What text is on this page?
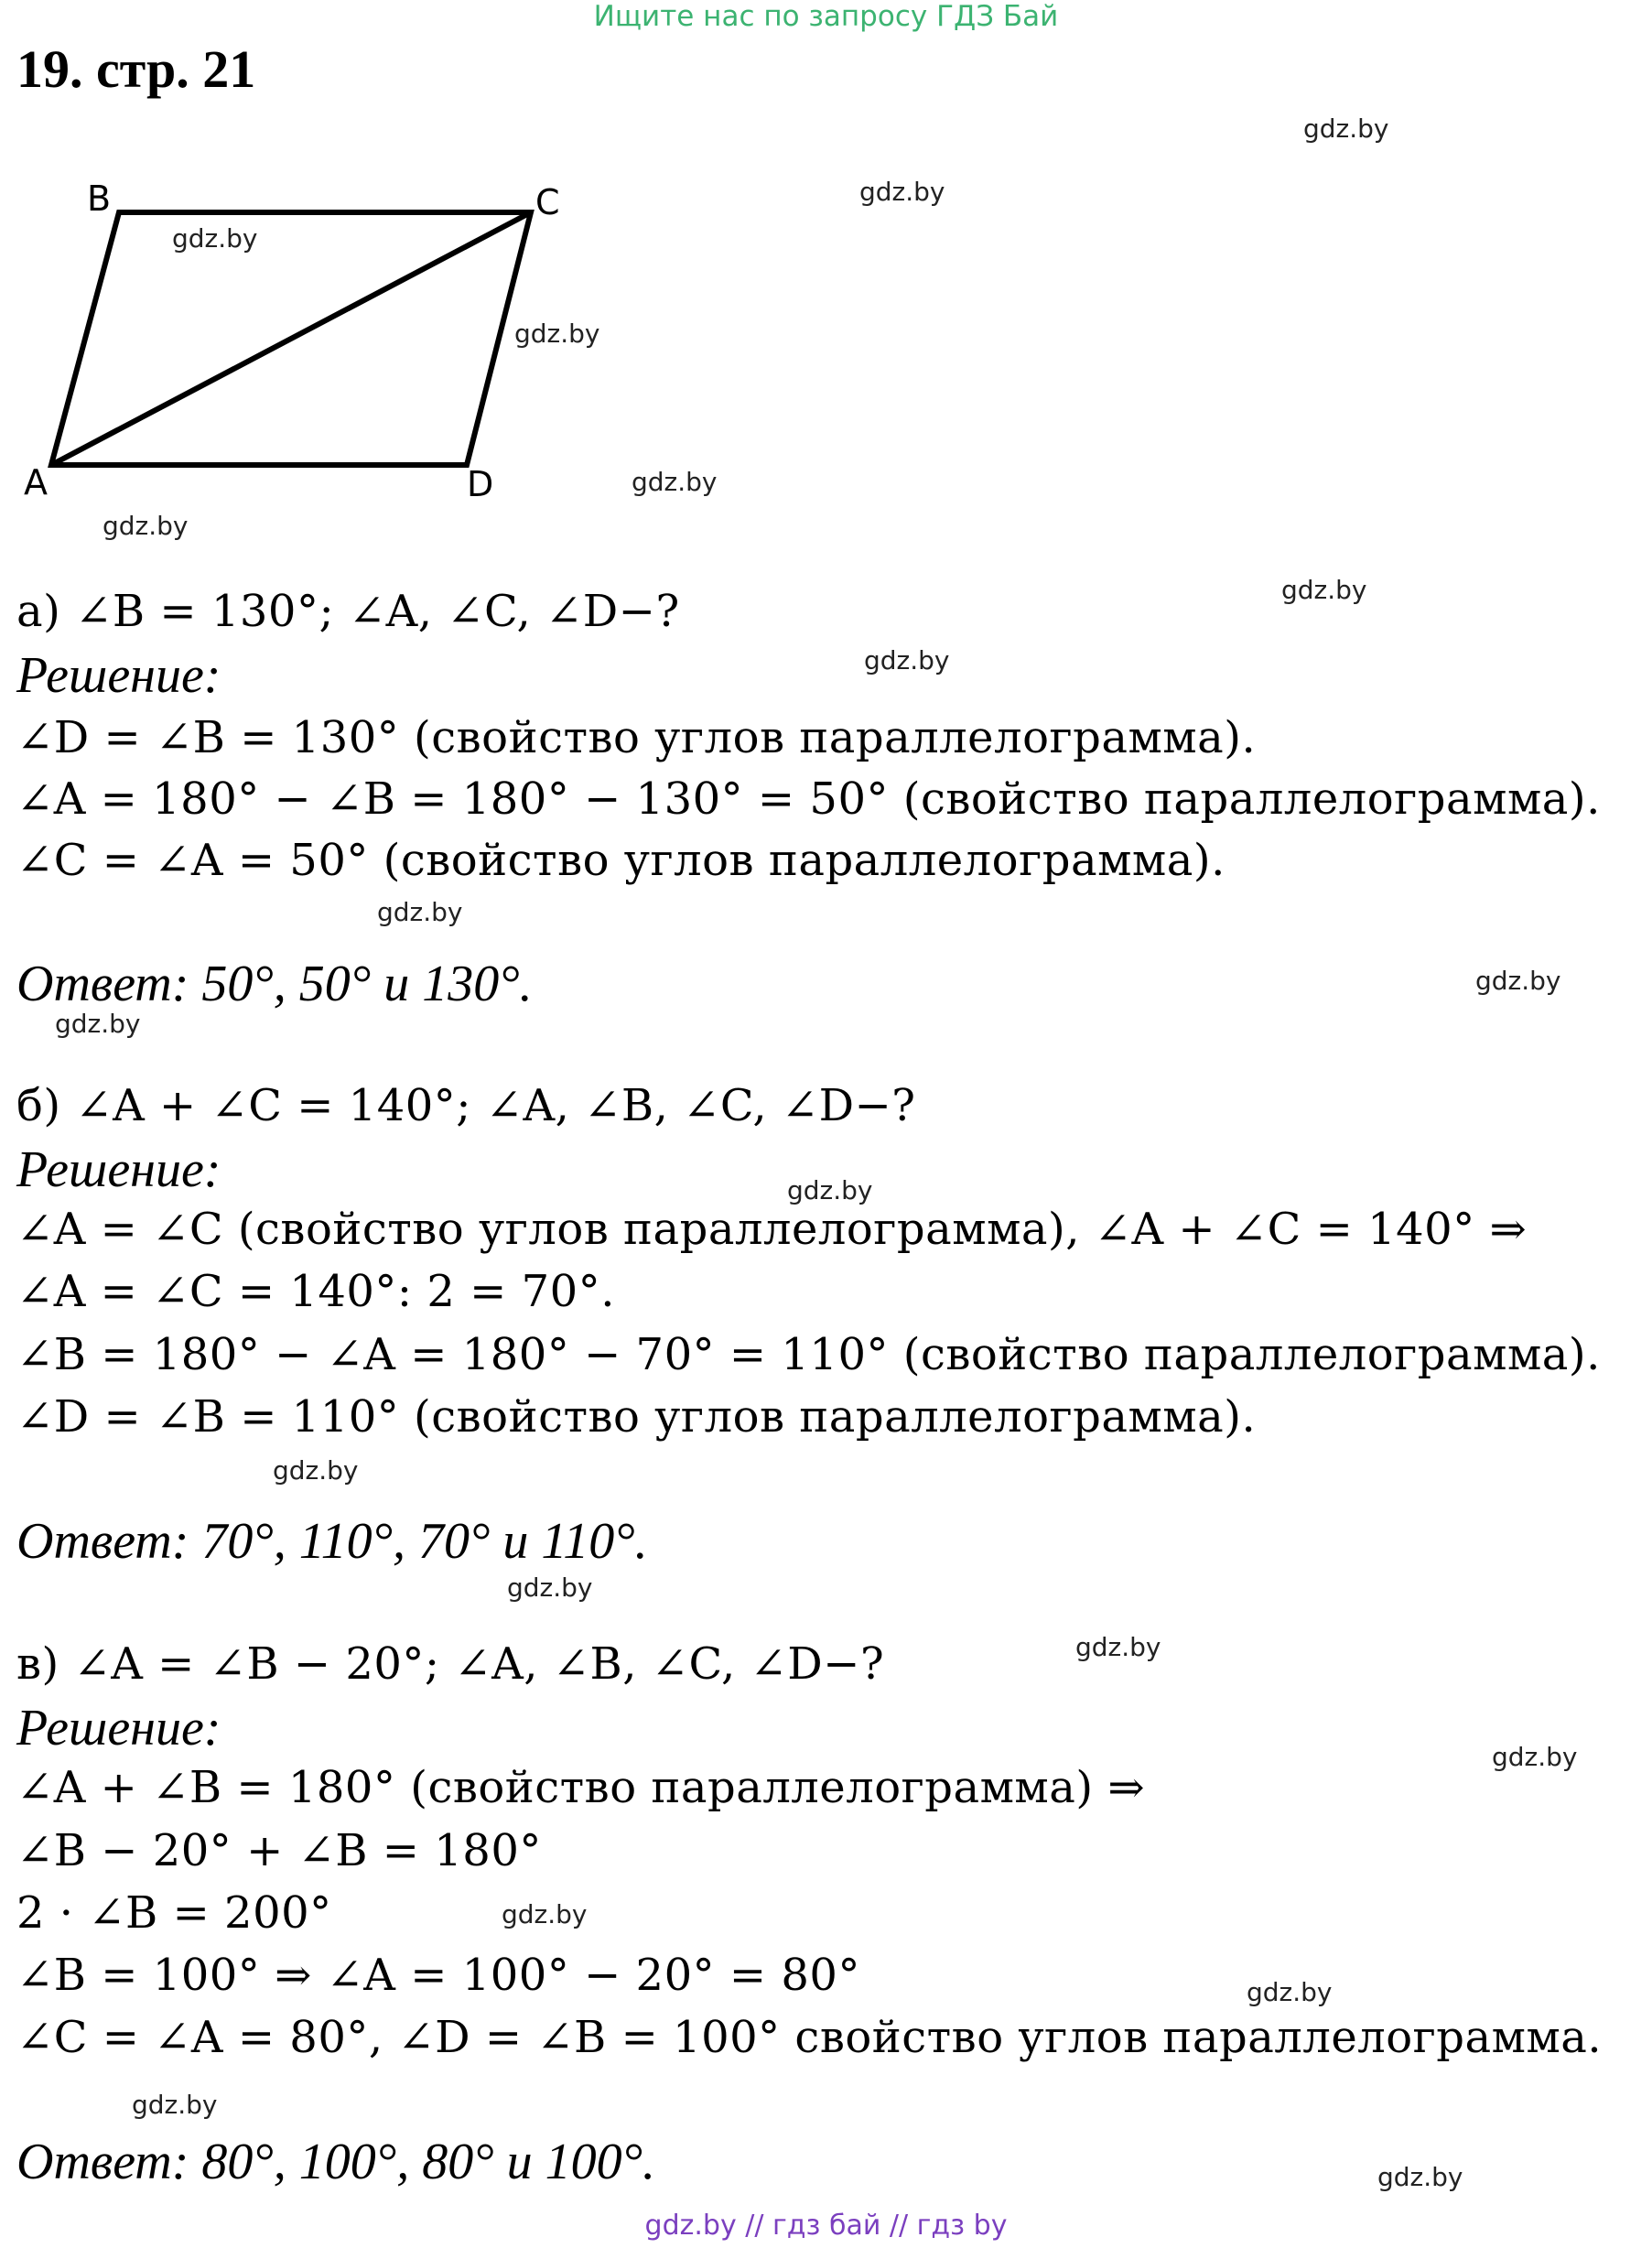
Ищите нас по запросу ГДЗ Бай
19. стр. 21
B	C
A	D
gdz.by
gdz.by
gdz.by
gdz.by
gdz.by
gdz.by
gdz.by
gdz.by
gdz.by
gdz.by
gdz.by
gdz.by
gdz.by
gdz.by
gdz.by
gdz.by
gdz.by
gdz.by
gdz.by
gdz.by
а) ∠B = 130°; ∠A, ∠C, ∠D−?
Решение:
∠D = ∠B = 130° (свойство углов параллелограмма).
∠A = 180° − ∠B = 180° − 130° = 50° (свойство параллелограмма).
∠C = ∠A = 50° (свойство углов параллелограмма).
Ответ: 50°, 50° и 130°.
б) ∠A + ∠C = 140°; ∠A, ∠B, ∠C, ∠D−?
Решение:
∠A = ∠C (свойство углов параллелограмма), ∠A + ∠C = 140° ⇒
∠A = ∠C = 140°: 2 = 70°.
∠B = 180° − ∠A = 180° − 70° = 110° (свойство параллелограмма).
∠D = ∠B = 110° (свойство углов параллелограмма).
Ответ: 70°, 110°, 70° и 110°.
в) ∠A = ∠B − 20°; ∠A, ∠B, ∠C, ∠D−?
Решение:
∠A + ∠B = 180° (свойство параллелограмма) ⇒
∠B − 20° + ∠B = 180°
2 · ∠B = 200°
∠B = 100° ⇒ ∠A = 100° − 20° = 80°
∠C = ∠A = 80°, ∠D = ∠B = 100° свойство углов параллелограмма.
Ответ: 80°, 100°, 80° и 100°.
gdz.by // гдз бай // гдз by
